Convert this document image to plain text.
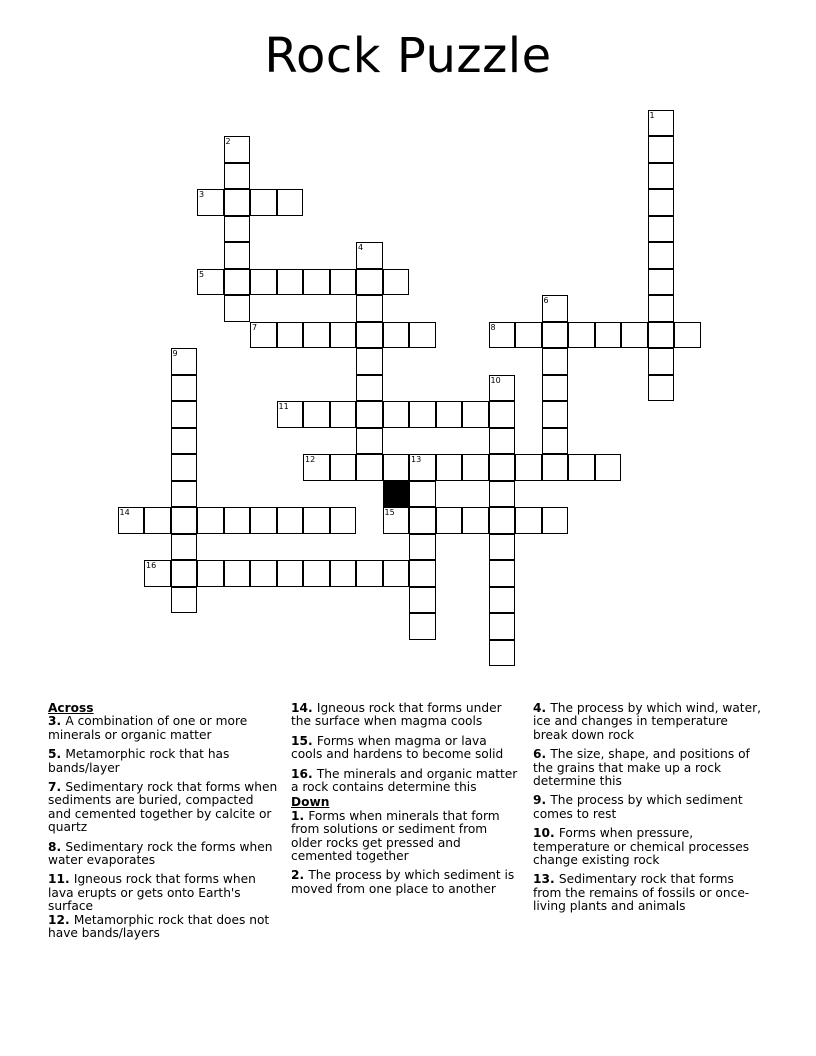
Rock Puzzle
3
5
7	8
11
12	13
14	15
16
1
2
4
6
9
10
Across
3. A combination of one or more minerals or organic matter
5. Metamorphic rock that has bands/layer
7. Sedimentary rock that forms when sediments are buried, compacted and cemented together by calcite or quartz
8. Sedimentary rock the forms when water evaporates
11. Igneous rock that forms when lava erupts or gets onto Earth's surface
12. Metamorphic rock that does not have bands/layers
14. Igneous rock that forms under the surface when magma cools
15. Forms when magma or lava cools and hardens to become solid
16. The minerals and organic matter a rock contains determine this
Down
1. Forms when minerals that form from solutions or sediment from older rocks get pressed and cemented together
2. The process by which sediment is moved from one place to another
4. The process by which wind, water, ice and changes in temperature break down rock
6. The size, shape, and positions of the grains that make up a rock determine this
9. The process by which sediment comes to rest
10. Forms when pressure, temperature or chemical processes change existing rock
13. Sedimentary rock that forms from the remains of fossils or once-living plants and animals
